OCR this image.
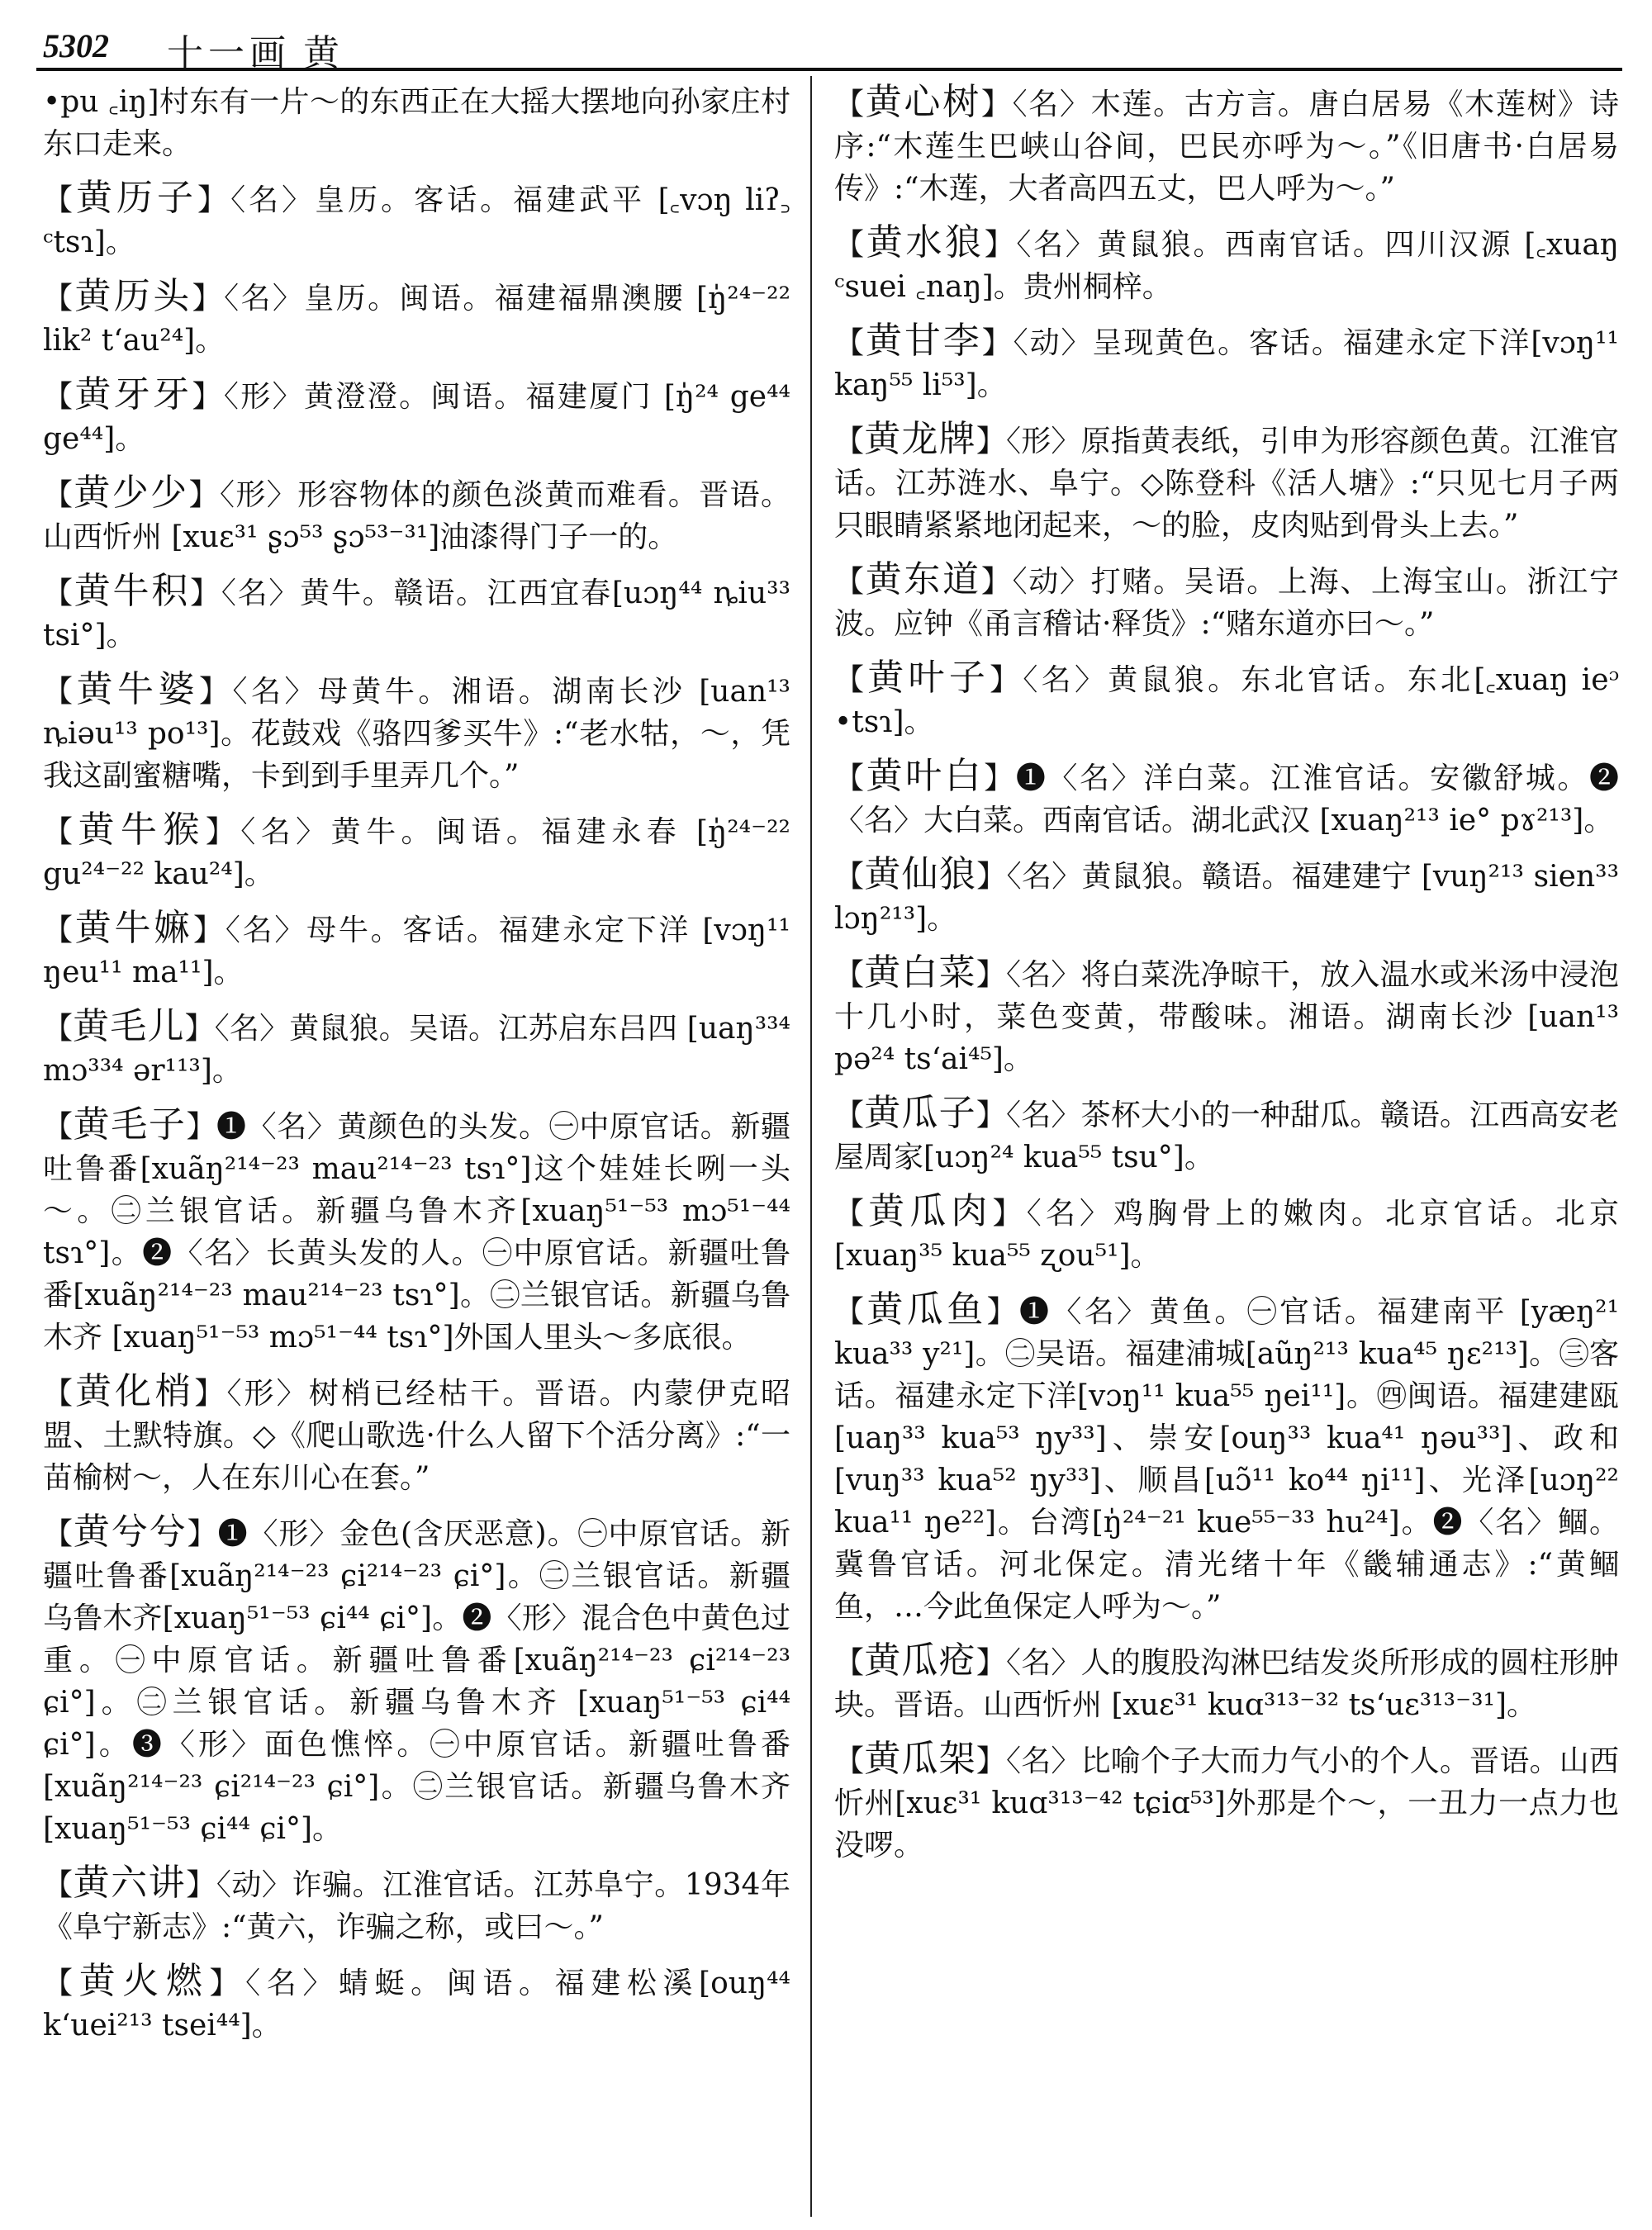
5302 十一画 黄

•pu ꜀iŋ]村东有一片～的东西正在大摇大摆地向孙家庄村东口走来。

【黄历子】〈名〉皇历。客话。福建武平 [꜀vɔŋ liʔ꜆ ᶜtsɿ]。

【黄历头】〈名〉皇历。闽语。福建福鼎澳腰 [ŋ̍²⁴⁻²² lik² tʻau²⁴]。

【黄牙牙】〈形〉黄澄澄。闽语。福建厦门 [ŋ̍²⁴ ge⁴⁴ ge⁴⁴]。

【黄少少】〈形〉形容物体的颜色淡黄而难看。晋语。山西忻州 [xuɛ³¹ ʂɔ⁵³ ʂɔ⁵³⁻³¹]油漆得门子一的。

【黄牛积】〈名〉黄牛。赣语。江西宜春[uɔŋ⁴⁴ ȵiu³³ tsi°]。

【黄牛婆】〈名〉母黄牛。湘语。湖南长沙 [uan¹³ ȵiəu¹³ po¹³]。花鼓戏《骆四爹买牛》:“老水牯，～，凭我这副蜜糖嘴，卡到到手里弄几个。”

【黄牛猴】〈名〉黄牛。闽语。福建永春 [ŋ̍²⁴⁻²² gu²⁴⁻²² kau²⁴]。

【黄牛嫲】〈名〉母牛。客话。福建永定下洋 [vɔŋ¹¹ ŋeu¹¹ ma¹¹]。

【黄毛儿】〈名〉黄鼠狼。吴语。江苏启东吕四 [uaŋ³³⁴ mɔ³³⁴ ər¹¹³]。

【黄毛子】❶〈名〉黄颜色的头发。㊀中原官话。新疆吐鲁番[xuãŋ²¹⁴⁻²³ mau²¹⁴⁻²³ tsɿ°]这个娃娃长咧一头～。㊁兰银官话。新疆乌鲁木齐[xuaŋ⁵¹⁻⁵³ mɔ⁵¹⁻⁴⁴ tsɿ°]。❷〈名〉长黄头发的人。㊀中原官话。新疆吐鲁番[xuãŋ²¹⁴⁻²³ mau²¹⁴⁻²³ tsɿ°]。㊁兰银官话。新疆乌鲁木齐 [xuaŋ⁵¹⁻⁵³ mɔ⁵¹⁻⁴⁴ tsɿ°]外国人里头～多底很。

【黄化梢】〈形〉树梢已经枯干。晋语。内蒙伊克昭盟、土默特旗。◇《爬山歌选·什么人留下个活分离》:“一苗榆树～，人在东川心在套。”

【黄兮兮】❶〈形〉金色(含厌恶意)。㊀中原官话。新疆吐鲁番[xuãŋ²¹⁴⁻²³ ɕi²¹⁴⁻²³ ɕi°]。㊁兰银官话。新疆乌鲁木齐[xuaŋ⁵¹⁻⁵³ ɕi⁴⁴ ɕi°]。❷〈形〉混合色中黄色过重。㊀中原官话。新疆吐鲁番[xuãŋ²¹⁴⁻²³ ɕi²¹⁴⁻²³ ɕi°]。㊁兰银官话。新疆乌鲁木齐 [xuaŋ⁵¹⁻⁵³ ɕi⁴⁴ ɕi°]。❸〈形〉面色憔悴。㊀中原官话。新疆吐鲁番[xuãŋ²¹⁴⁻²³ ɕi²¹⁴⁻²³ ɕi°]。㊁兰银官话。新疆乌鲁木齐[xuaŋ⁵¹⁻⁵³ ɕi⁴⁴ ɕi°]。

【黄六讲】〈动〉诈骗。江淮官话。江苏阜宁。1934年《阜宁新志》:“黄六，诈骗之称，或曰～。”

【黄火燃】〈名〉蜻蜓。闽语。福建松溪[ouŋ⁴⁴ kʻuei²¹³ tsei⁴⁴]。

【黄心树】〈名〉木莲。古方言。唐白居易《木莲树》诗序:“木莲生巴峡山谷间，巴民亦呼为～。”《旧唐书·白居易传》:“木莲，大者高四五丈，巴人呼为～。”

【黄水狼】〈名〉黄鼠狼。西南官话。四川汉源 [꜀xuaŋ ᶜsuei ꜀naŋ]。贵州桐梓。

【黄甘李】〈动〉呈现黄色。客话。福建永定下洋[vɔŋ¹¹ kaŋ⁵⁵ li⁵³]。

【黄龙牌】〈形〉原指黄表纸，引申为形容颜色黄。江淮官话。江苏涟水、阜宁。◇陈登科《活人塘》:“只见七月子两只眼睛紧紧地闭起来，～的脸，皮肉贴到骨头上去。”

【黄东道】〈动〉打赌。吴语。上海、上海宝山。浙江宁波。应钟《甬言稽诂·释货》:“赌东道亦曰～。”

【黄叶子】〈名〉黄鼠狼。东北官话。东北[꜀xuaŋ ieᵓ •tsɿ]。

【黄叶白】❶〈名〉洋白菜。江淮官话。安徽舒城。❷〈名〉大白菜。西南官话。湖北武汉 [xuaŋ²¹³ ie° pɤ²¹³]。

【黄仙狼】〈名〉黄鼠狼。赣语。福建建宁 [vuŋ²¹³ sien³³ lɔŋ²¹³]。

【黄白菜】〈名〉将白菜洗净晾干，放入温水或米汤中浸泡十几小时，菜色变黄，带酸味。湘语。湖南长沙 [uan¹³ pə²⁴ tsʻai⁴⁵]。

【黄瓜子】〈名〉茶杯大小的一种甜瓜。赣语。江西高安老屋周家[uɔŋ²⁴ kua⁵⁵ tsu°]。

【黄瓜肉】〈名〉鸡胸骨上的嫩肉。北京官话。北京[xuaŋ³⁵ kua⁵⁵ ʐou⁵¹]。

【黄瓜鱼】❶〈名〉黄鱼。㊀官话。福建南平 [yæŋ²¹ kua³³ y²¹]。㊁吴语。福建浦城[aũŋ²¹³ kua⁴⁵ ŋɛ²¹³]。㊂客话。福建永定下洋[vɔŋ¹¹ kua⁵⁵ ŋei¹¹]。㊃闽语。福建建瓯[uaŋ³³ kua⁵³ ŋy³³]、崇安[ouŋ³³ kua⁴¹ ŋəu³³]、政和 [vuŋ³³ kua⁵² ŋy³³]、顺昌[uɔ̃¹¹ ko⁴⁴ ŋi¹¹]、光泽[uɔŋ²² kua¹¹ ŋe²²]。台湾[ŋ̍²⁴⁻²¹ kue⁵⁵⁻³³ hu²⁴]。❷〈名〉鲴。冀鲁官话。河北保定。清光绪十年《畿辅通志》:“黄鲴鱼，…今此鱼保定人呼为～。”

【黄瓜疮】〈名〉人的腹股沟淋巴结发炎所形成的圆柱形肿块。晋语。山西忻州 [xuɛ³¹ kuɑ³¹³⁻³² tsʻuɛ³¹³⁻³¹]。

【黄瓜架】〈名〉比喻个子大而力气小的个人。晋语。山西忻州[xuɛ³¹ kuɑ³¹³⁻⁴² tɕiɑ⁵³]外那是个～，一丑力一点力也没啰。
